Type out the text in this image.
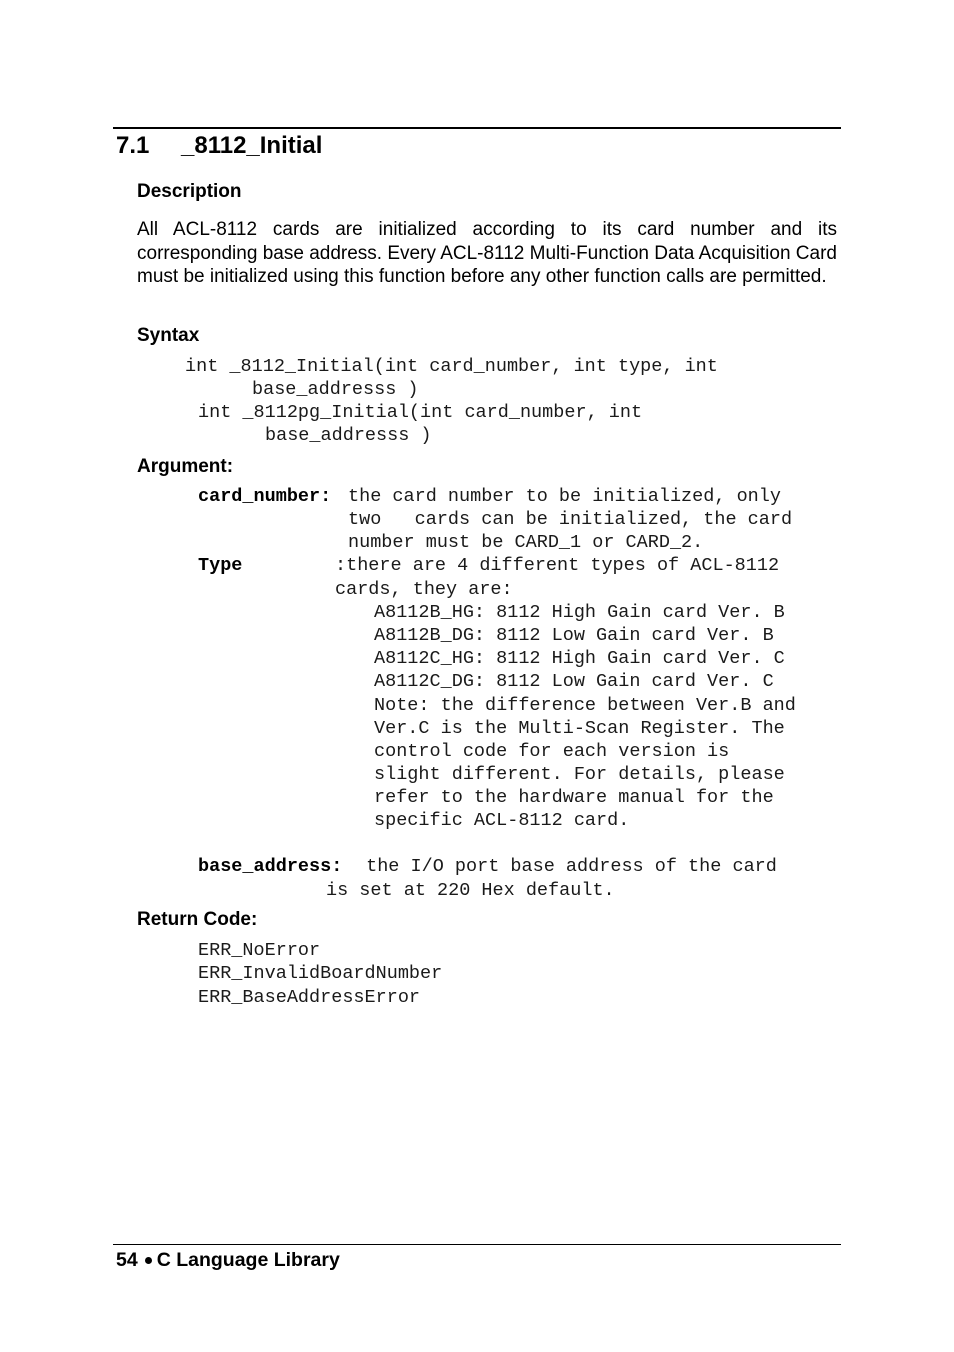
7.1 _8112_Initial
Description

All ACL-8112 cards are initialized according to its card number and its corresponding base address. Every ACL-8112 Multi-Function Data Acquisition Card must be initialized using this function before any other function calls are permitted.

Syntax
int _8112_Initial(int card_number, int type, int
base_addresss )
int _8112pg_Initial(int card_number, int
base_addresss )
Argument:
card_number: the card number to be initialized, only
two   cards can be initialized, the card
number must be CARD_1 or CARD_2.
Type	:there are 4 different types of ACL-8112
cards, they are:
A8112B_HG: 8112 High Gain card Ver. B
A8112B_DG: 8112 Low Gain card Ver. B
A8112C_HG: 8112 High Gain card Ver. C
A8112C_DG: 8112 Low Gain card Ver. C
Note: the difference between Ver.B and
Ver.C is the Multi-Scan Register. The
control code for each version is
slight different. For details, please
refer to the hardware manual for the
specific ACL-8112 card.
base_address: the I/O port base address of the card
is set at 220 Hex default.
Return Code:
ERR_NoError
ERR_InvalidBoardNumber
ERR_BaseAddressError
54 C Language Library
